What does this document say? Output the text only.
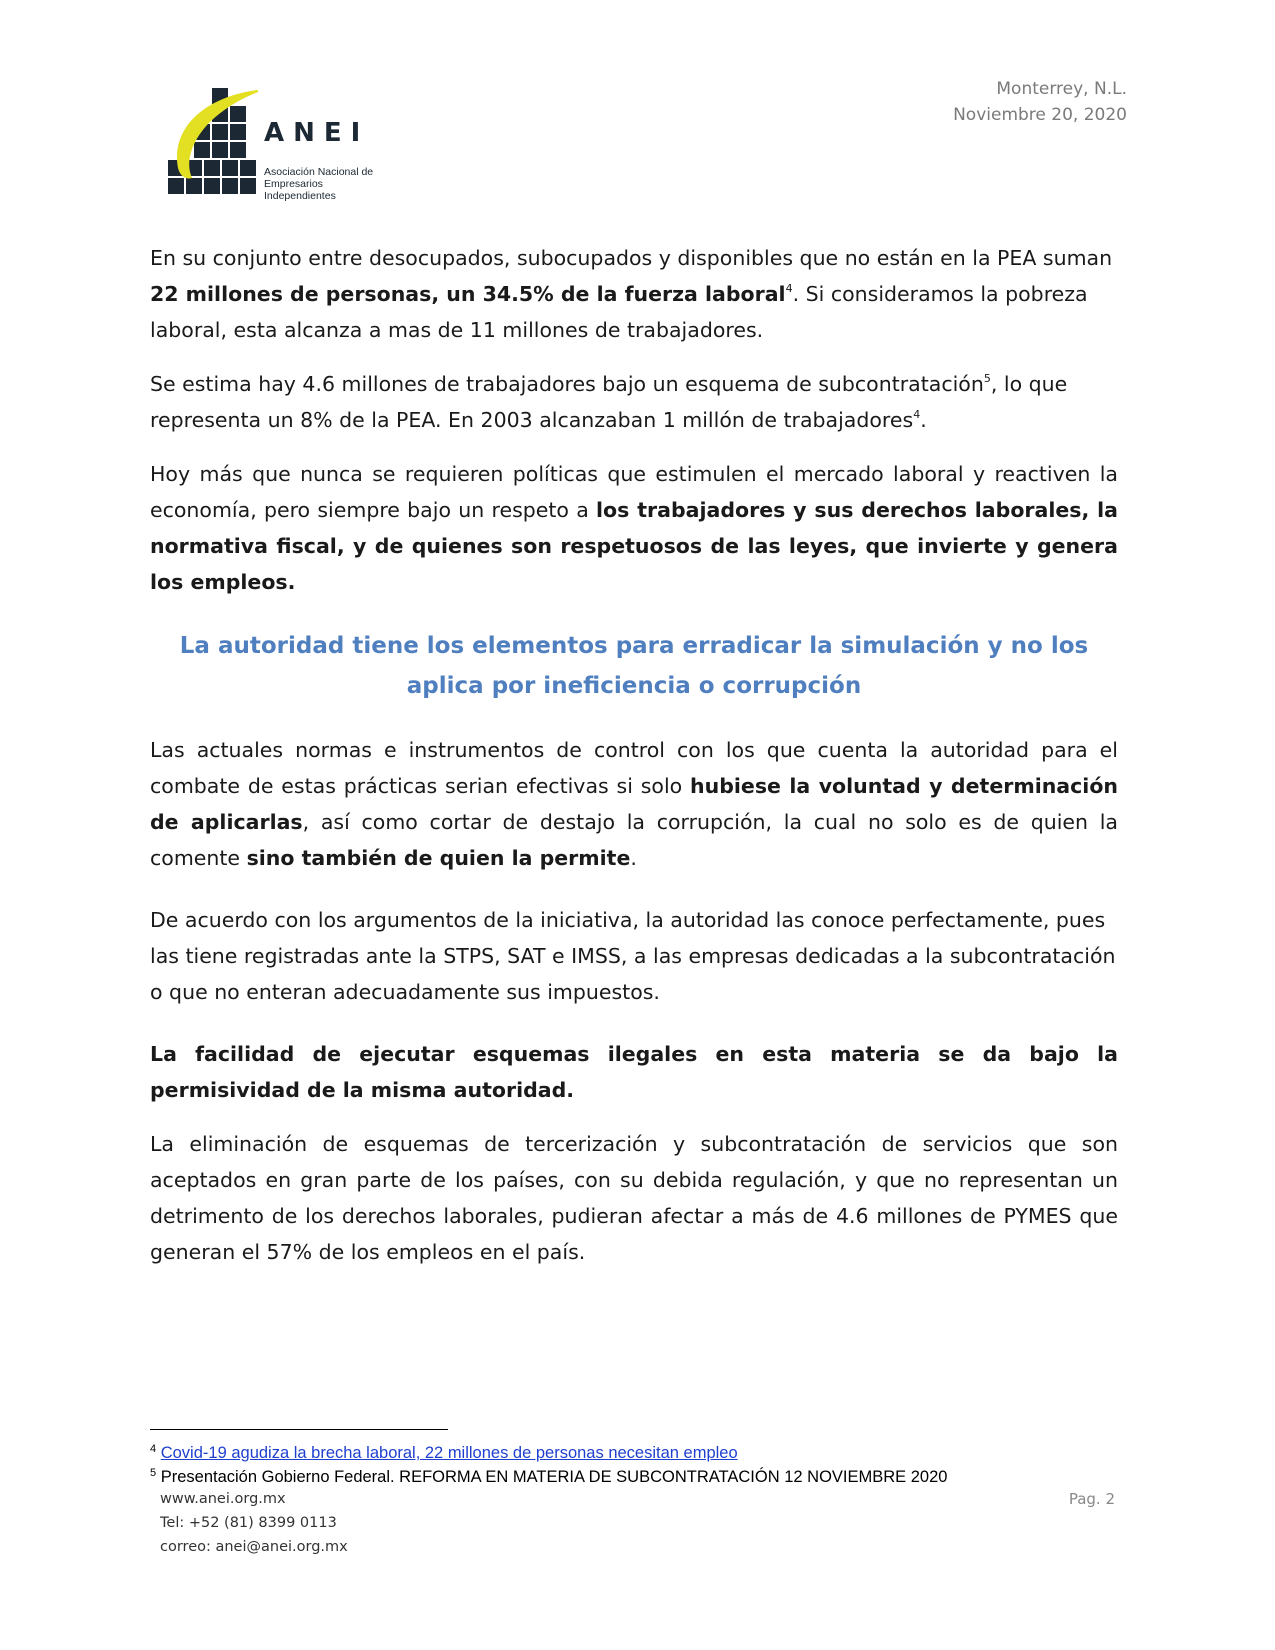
ANEI
Asociación Nacional de
Empresarios Independientes
Monterrey, N.L.
Noviembre 20, 2020

En su conjunto entre desocupados, subocupados y disponibles que no están en la PEA suman 22 millones de personas, un 34.5% de la fuerza laboral$^4$. Si consideramos la pobreza laboral, esta alcanza a mas de 11 millones de trabajadores.

Se estima hay 4.6 millones de trabajadores bajo un esquema de subcontratación$^5$, lo que representa un 8% de la PEA. En 2003 alcanzaban 1 millón de trabajadores$^4$.

Hoy más que nunca se requieren políticas que estimulen el mercado laboral y reactiven la economía, pero siempre bajo un respeto a los trabajadores y sus derechos laborales, la normativa fiscal, y de quienes son respetuosos de las leyes, que invierte y genera los empleos.

La autoridad tiene los elementos para erradicar la simulación y no los aplica por ineficiencia o corrupción

Las actuales normas e instrumentos de control con los que cuenta la autoridad para el combate de estas prácticas serian efectivas si solo hubiese la voluntad y determinación de aplicarlas, así como cortar de destajo la corrupción, la cual no solo es de quien la comente sino también de quien la permite.

De acuerdo con los argumentos de la iniciativa, la autoridad las conoce perfectamente, pues las tiene registradas ante la STPS, SAT e IMSS, a las empresas dedicadas a la subcontratación o que no enteran adecuadamente sus impuestos.

La facilidad de ejecutar esquemas ilegales en esta materia se da bajo la permisividad de la misma autoridad.

La eliminación de esquemas de tercerización y subcontratación de servicios que son aceptados en gran parte de los países, con su debida regulación, y que no representan un detrimento de los derechos laborales, pudieran afectar a más de 4.6 millones de PYMES que generan el 57% de los empleos en el país.

$^4$ Covid-19 agudiza la brecha laboral, 22 millones de personas necesitan empleo
$^5$ Presentación Gobierno Federal. REFORMA EN MATERIA DE SUBCONTRATACIÓN 12 NOVIEMBRE 2020
www.anei.org.mx
Tel: +52 (81) 8399 0113
correo: anei@anei.org.mx
Pag. 2
